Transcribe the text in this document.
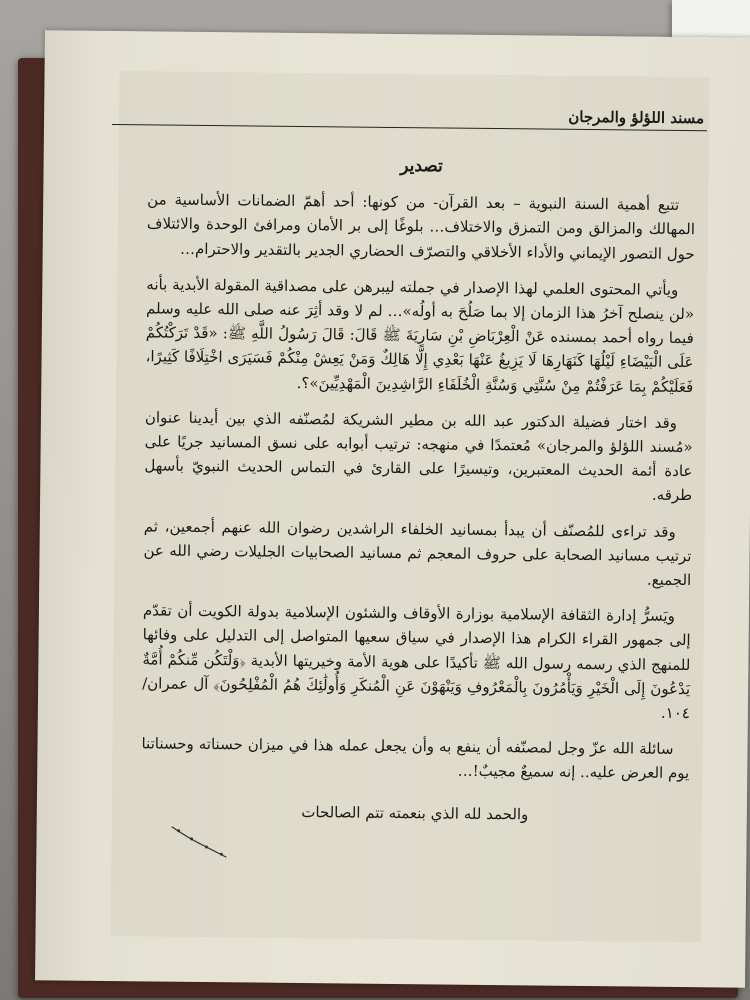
مسند اللؤلؤ والمرجان
تصدير

تتبع أهمية السنة النبوية – بعد القرآن- من كونها: أحد أهمّ الضمانات الأساسية من المهالك والمزالق ومن التمزق والاختلاف… بلوغًا إلى بر الأمان ومرافئ الوحدة والائتلاف حول التصور الإيماني والأداء الأخلاقي والتصرّف الحضاري الجدير بالتقدير والاحترام…

ويأتي المحتوى العلمي لهذا الإصدار في جملته ليبرهن على مصداقية المقولة الأبدية بأنه «لن ينصلح آخرُ هذا الزمان إلا بما صَلُحَ به أولُه»… لم لا وقد أثِرَ عنه صلى الله عليه وسلم فيما رواه أحمد بمسنده عَنْ الْعِرْبَاضِ بْنِ سَارِيَةَ ﷺ قَالَ: قَالَ رَسُولُ اللَّهِ ﷺ: «قَدْ تَرَكْتُكُمْ عَلَى الْبَيْضَاءِ لَيْلُهَا كَنَهَارِهَا لَا يَزِيغُ عَنْهَا بَعْدِي إِلَّا هَالِكٌ وَمَنْ يَعِشْ مِنْكُمْ فَسَيَرَى اخْتِلَافًا كَثِيرًا، فَعَلَيْكُمْ بِمَا عَرَفْتُمْ مِنْ سُنَّتِي وَسُنَّةِ الْخُلَفَاءِ الرَّاشِدِينَ الْمَهْدِيِّينَ»؟.

وقد اختار فضيلة الدكتور عبد الله بن مطير الشريكة لمُصنّفه الذي بين أيدينا عنوان «مُسند اللؤلؤ والمرجان» مُعتمدًا في منهجه: ترتيب أبوابه على نسق المسانيد جريًا على عادة أئمة الحديث المعتبرين، وتيسيرًا على القارئ في التماس الحديث النبويّ بأسهل طرقه.

وقد تراءى للمُصنّف أن يبدأ بمسانيد الخلفاء الراشدين رضوان الله عنهم أجمعين، ثم ترتيب مسانيد الصحابة على حروف المعجم ثم مسانيد الصحابيات الجليلات رضي الله عن الجميع.

ويَسرُّ إدارة الثقافة الإسلامية بوزارة الأوقاف والشئون الإسلامية بدولة الكويت أن تقدّم إلى جمهور القراء الكرام هذا الإصدار في سياق سعيها المتواصل إلى التدليل على وفائها للمنهج الذي رسمه رسول الله ﷺ تأكيدًا على هوية الأمة وخيريتها الأبدية ﴿وَلْتَكُن مِّنكُمْ أُمَّةٌ يَدْعُونَ إِلَى الْخَيْرِ وَيَأْمُرُونَ بِالْمَعْرُوفِ وَيَنْهَوْنَ عَنِ الْمُنكَرِ وَأُولَٰئِكَ هُمُ الْمُفْلِحُونَ﴾ آل عمران/١٠٤.

سائلة الله عزّ وجل لمصنّفه أن ينفع به وأن يجعل عمله هذا في ميزان حسناته وحسناتنا يوم العرض عليه.. إنه سميعٌ مجيبٌ!…

والحمد لله الذي بنعمته تتم الصالحات
